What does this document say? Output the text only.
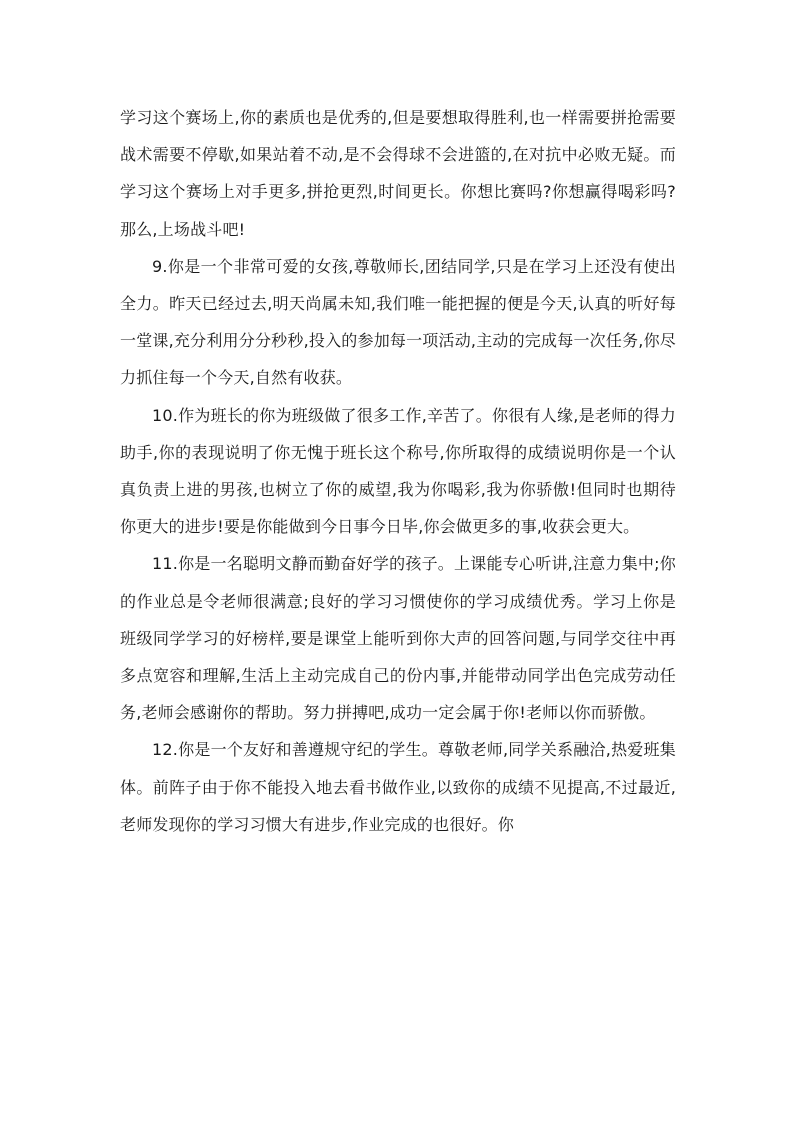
学习这个赛场上,你的素质也是优秀的,但是要想取得胜利,也一样需要拼抢需要战术需要不停歇,如果站着不动,是不会得球不会进篮的,在对抗中必败无疑。而学习这个赛场上对手更多,拼抢更烈,时间更长。你想比赛吗?你想赢得喝彩吗?那么,上场战斗吧!

9.你是一个非常可爱的女孩,尊敬师长,团结同学,只是在学习上还没有使出全力。昨天已经过去,明天尚属未知,我们唯一能把握的便是今天,认真的听好每一堂课,充分利用分分秒秒,投入的参加每一项活动,主动的完成每一次任务,你尽力抓住每一个今天,自然有收获。

10.作为班长的你为班级做了很多工作,辛苦了。你很有人缘,是老师的得力助手,你的表现说明了你无愧于班长这个称号,你所取得的成绩说明你是一个认真负责上进的男孩,也树立了你的威望,我为你喝彩,我为你骄傲!但同时也期待你更大的进步!要是你能做到今日事今日毕,你会做更多的事,收获会更大。

11.你是一名聪明文静而勤奋好学的孩子。上课能专心听讲,注意力集中;你的作业总是令老师很满意;良好的学习习惯使你的学习成绩优秀。学习上你是班级同学学习的好榜样,要是课堂上能听到你大声的回答问题,与同学交往中再多点宽容和理解,生活上主动完成自己的份内事,并能带动同学出色完成劳动任务,老师会感谢你的帮助。努力拼搏吧,成功一定会属于你!老师以你而骄傲。

12.你是一个友好和善遵规守纪的学生。尊敬老师,同学关系融洽,热爱班集体。前阵子由于你不能投入地去看书做作业,以致你的成绩不见提高,不过最近,老师发现你的学习习惯大有进步,作业完成的也很好。你
